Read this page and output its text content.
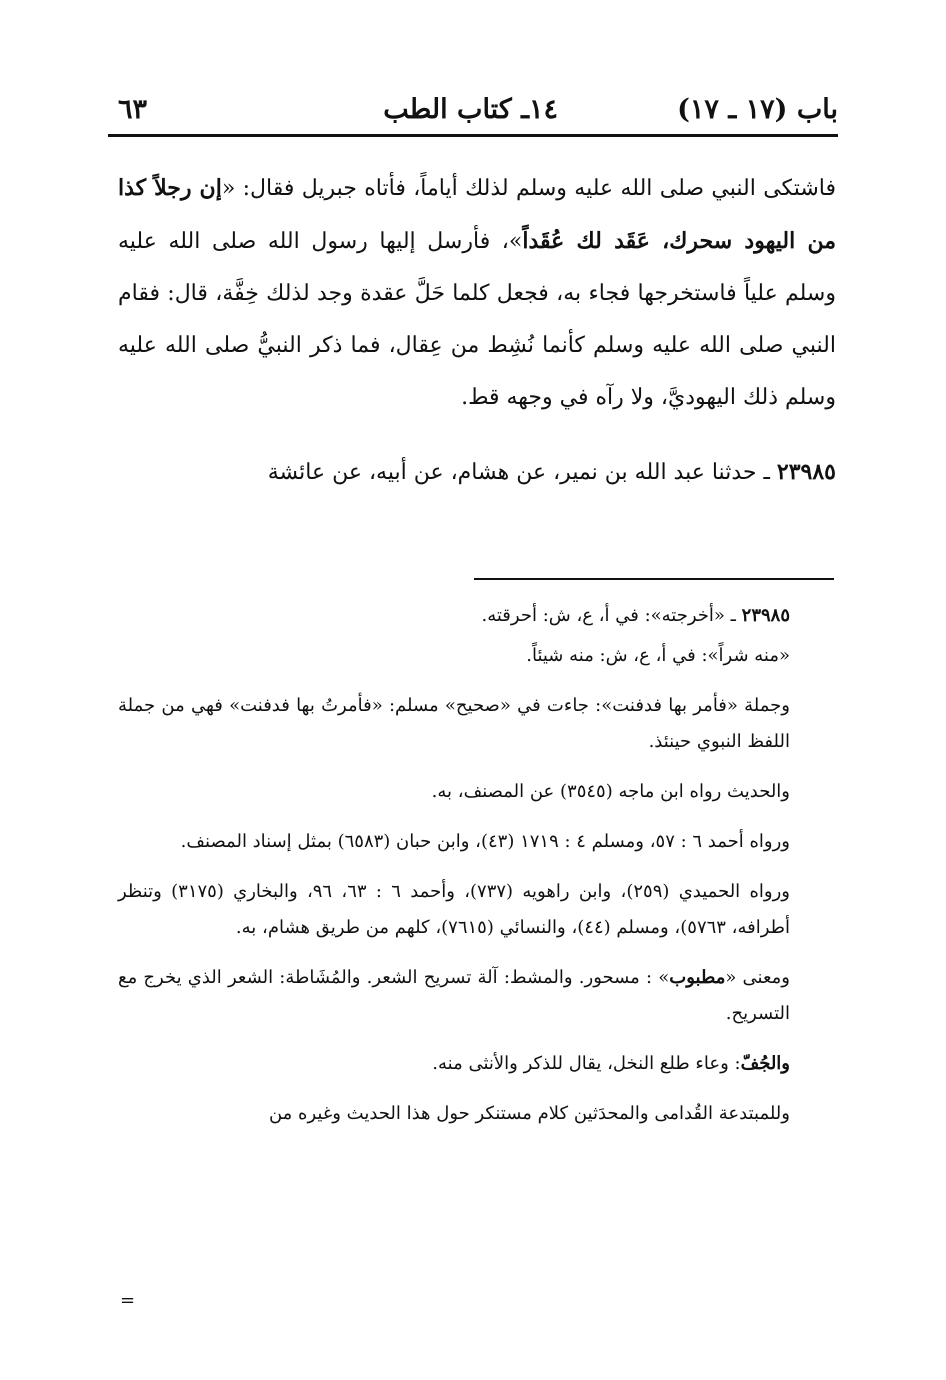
باب (١٧ ـ ١٧)
١٤ـ كتاب الطب
٦٣

فاشتكى النبي صلى الله عليه وسلم لذلك أياماً، فأتاه جبريل فقال: «إن رجلاً كذا من اليهود سحرك، عَقَد لك عُقَداً»، فأرسل إليها رسول الله صلى الله عليه وسلم علياً فاستخرجها فجاء به، فجعل كلما حَلَّ عقدة وجد لذلك خِفَّة، قال: فقام النبي صلى الله عليه وسلم كأنما نُشِط من عِقال، فما ذكر النبيُّ صلى الله عليه وسلم ذلك اليهوديَّ، ولا رآه في وجهه قط.

٢٣٩٨٥ ـ حدثنا عبد الله بن نمير، عن هشام، عن أبيه، عن عائشة

٢٣٩٨٥ ـ «أخرجته»: في أ، ع، ش: أحرقته.

«منه شراً»: في أ، ع، ش: منه شيئاً.

وجملة «فأمر بها فدفنت»: جاءت في «صحيح» مسلم: «فأمرتُ بها فدفنت» فهي من جملة اللفظ النبوي حينئذ.

والحديث رواه ابن ماجه (٣٥٤٥) عن المصنف، به.

ورواه أحمد ٦ : ٥٧، ومسلم ٤ : ١٧١٩ (٤٣)، وابن حبان (٦٥٨٣) بمثل إسناد المصنف.

ورواه الحميدي (٢٥٩)، وابن راهويه (٧٣٧)، وأحمد ٦ : ٦٣، ٩٦، والبخاري (٣١٧٥) وتنظر أطرافه، ٥٧٦٣)، ومسلم (٤٤)، والنسائي (٧٦١٥)، كلهم من طريق هشام، به.

ومعنى «مطبوب» : مسحور. والمشط: آلة تسريح الشعر. والمُشَاطة: الشعر الذي يخرج مع التسريح.

والجُفّ: وعاء طلع النخل، يقال للذكر والأنثى منه.

وللمبتدعة القُدامى والمحدَثين كلام مستنكر حول هذا الحديث وغيره من

=
